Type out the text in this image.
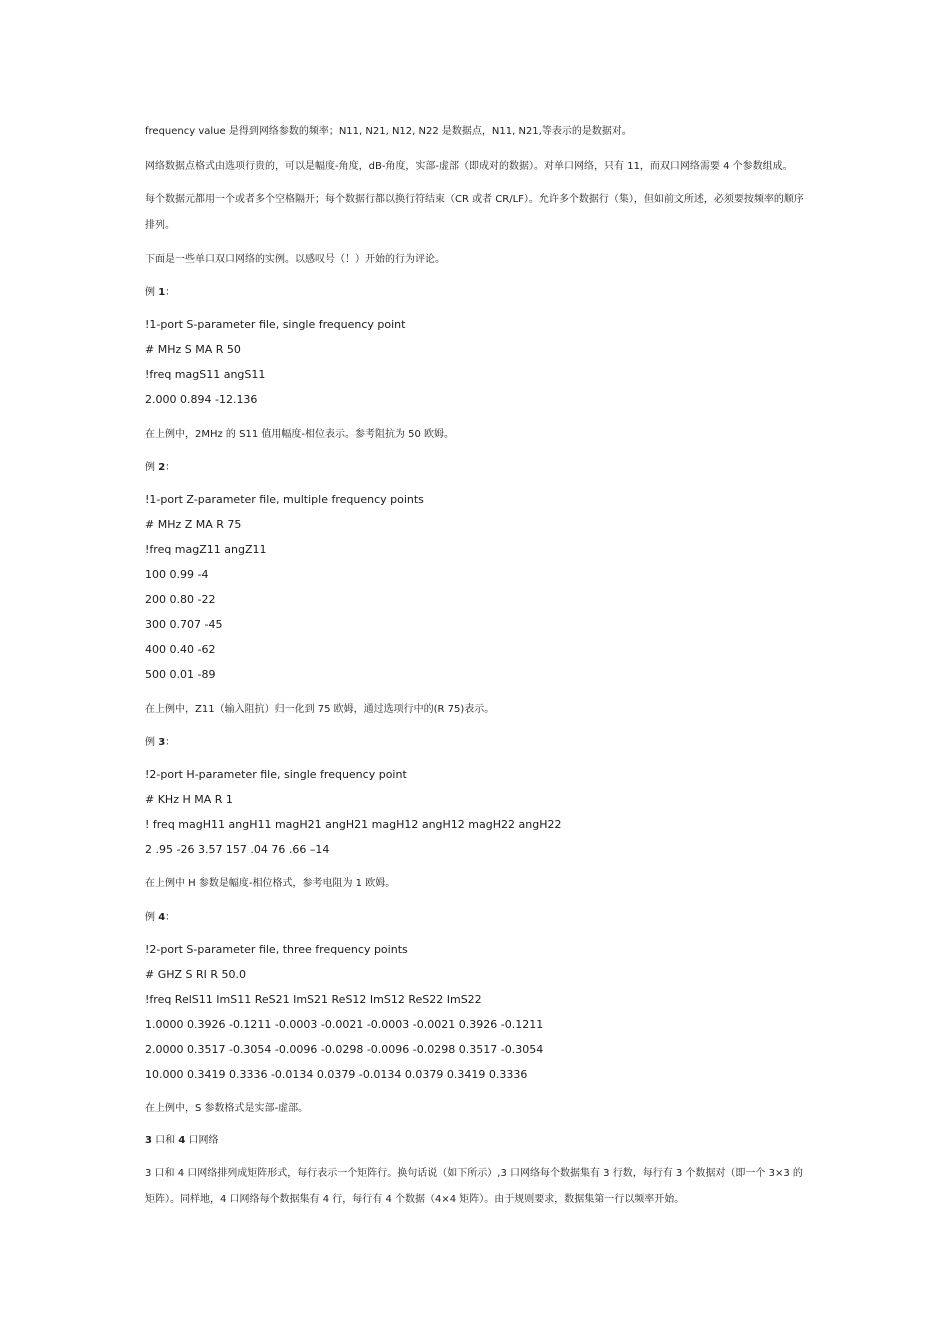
frequency value 是得到网络参数的频率；N11, N21, N12, N22 是数据点，N11, N21,等表示的是数据对。
网络数据点格式由选项行贵的，可以是幅度-角度，dB-角度，实部-虚部（即成对的数据）。对单口网络，只有 11，而双口网络需要 4 个参数组成。
每个数据元都用一个或者多个空格隔开；每个数据行都以换行符结束（CR 或者 CR/LF）。允许多个数据行（集），但如前文所述，必须要按频率的顺序排列。
下面是一些单口双口网络的实例。以感叹号（！）开始的行为评论。
例 1：
!1-port S-parameter file, single frequency point
# MHz S MA R 50
!freq magS11 angS11
2.000 0.894 -12.136
在上例中，2MHz 的 S11 值用幅度-相位表示。参考阻抗为 50 欧姆。
例 2：
!1-port Z-parameter file, multiple frequency points
# MHz Z MA R 75
!freq magZ11 angZ11
100 0.99 -4
200 0.80 -22
300 0.707 -45
400 0.40 -62
500 0.01 -89
在上例中，Z11（输入阻抗）归一化到 75 欧姆，通过选项行中的(R 75)表示。
例 3：
!2-port H-parameter file, single frequency point
# KHz H MA R 1
! freq magH11 angH11 magH21 angH21 magH12 angH12 magH22 angH22
2 .95 -26 3.57 157 .04 76 .66 –14
在上例中 H 参数是幅度-相位格式，参考电阻为 1 欧姆。
例 4：
!2-port S-parameter file, three frequency points
# GHZ S RI R 50.0
!freq RelS11 ImS11 ReS21 ImS21 ReS12 ImS12 ReS22 ImS22
1.0000 0.3926 -0.1211 -0.0003 -0.0021 -0.0003 -0.0021 0.3926 -0.1211
2.0000 0.3517 -0.3054 -0.0096 -0.0298 -0.0096 -0.0298 0.3517 -0.3054
10.000 0.3419 0.3336 -0.0134 0.0379 -0.0134 0.0379 0.3419 0.3336
在上例中，S 参数格式是实部-虚部。
3 口和 4 口网络
3 口和 4 口网络排列成矩阵形式，每行表示一个矩阵行。换句话说（如下所示）,3 口网络每个数据集有 3 行数，每行有 3 个数据对（即一个 3×3 的矩阵）。同样地，4 口网络每个数据集有 4 行，每行有 4 个数据（4×4 矩阵）。由于规则要求，数据集第一行以频率开始。
